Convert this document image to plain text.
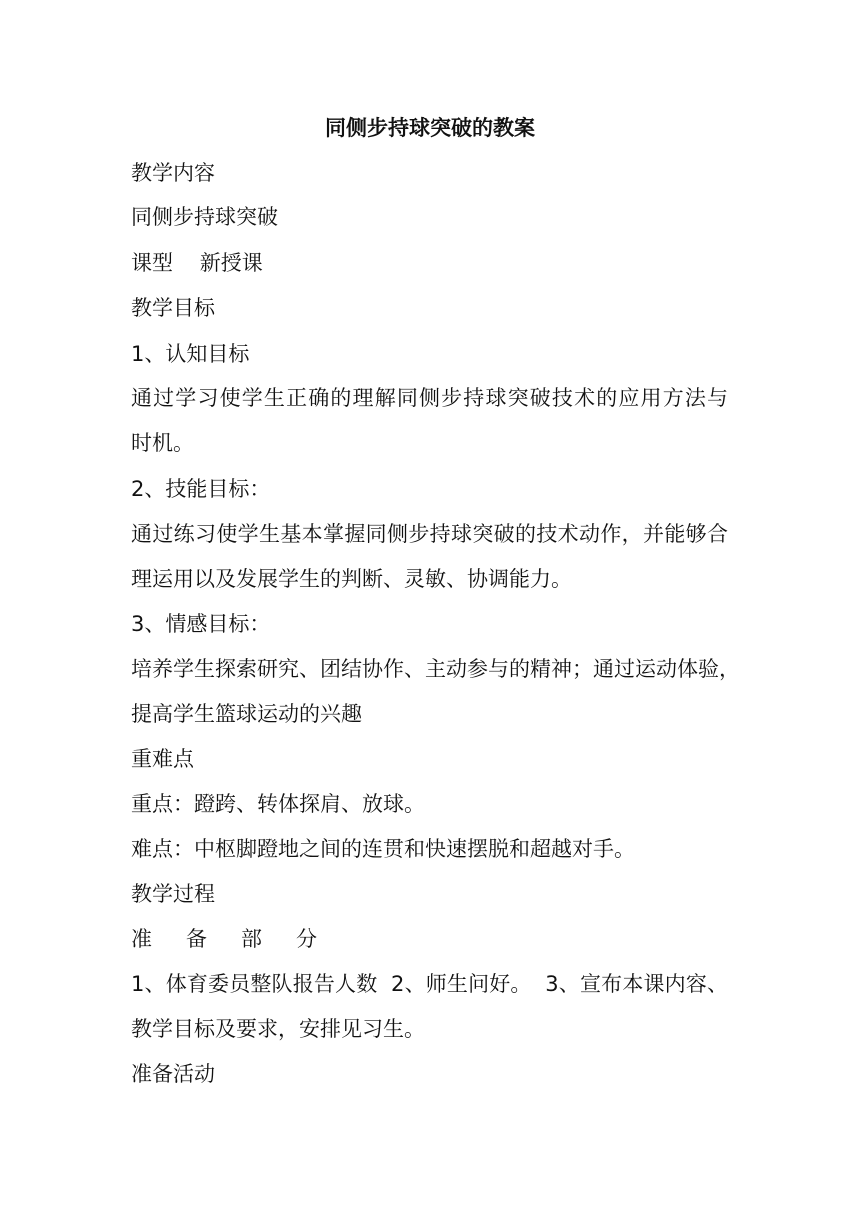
同侧步持球突破的教案
教学内容
同侧步持球突破
课型    新授课
教学目标
1、认知目标
通过学习使学生正确的理解同侧步持球突破技术的应用方法与
时机。
2、技能目标：
通过练习使学生基本掌握同侧步持球突破的技术动作，并能够合
理运用以及发展学生的判断、灵敏、协调能力。
3、情感目标：
培养学生探索研究、团结协作、主动参与的精神；通过运动体验，
提高学生篮球运动的兴趣
重难点
重点：蹬跨、转体探肩、放球。
难点：中枢脚蹬地之间的连贯和快速摆脱和超越对手。
教学过程
准备部分
1、体育委员整队报告人数  2、师生问好。  3、宣布本课内容、
教学目标及要求，安排见习生。
准备活动
